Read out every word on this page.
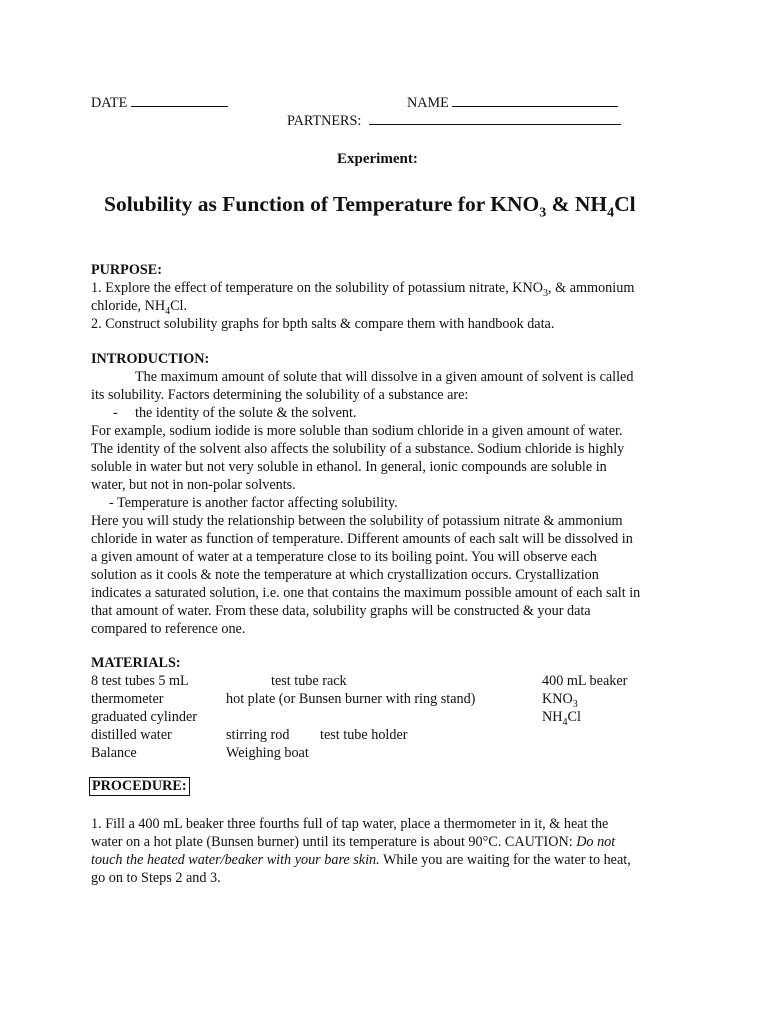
DATE	NAME
PARTNERS:
Experiment:
Solubility as Function of Temperature for $KNO_3$ & $NH_4Cl$
PURPOSE:
1. Explore the effect of temperature on the solubility of potassium nitrate, $KNO_3$, & ammonium
chloride, $NH_4Cl$.
2. Construct solubility graphs for bpth salts & compare them with handbook data.
INTRODUCTION:
The maximum amount of solute that will dissolve in a given amount of solvent is called
its solubility. Factors determining the solubility of a substance are:
- the identity of the solute & the solvent.
For example, sodium iodide is more soluble than sodium chloride in a given amount of water.
The identity of the solvent also affects the solubility of a substance. Sodium chloride is highly
soluble in water but not very soluble in ethanol. In general, ionic compounds are soluble in
water, but not in non-polar solvents.
- Temperature is another factor affecting solubility.
Here you will study the relationship between the solubility of potassium nitrate & ammonium
chloride in water as function of temperature. Different amounts of each salt will be dissolved in
a given amount of water at a temperature close to its boiling point. You will observe each
solution as it cools & note the temperature at which crystallization occurs. Crystallization
indicates a saturated solution, i.e. one that contains the maximum possible amount of each salt in
that amount of water. From these data, solubility graphs will be constructed & your data
compared to reference one.
MATERIALS:
8 test tubes 5 mL
thermometer
graduated cylinder
distilled water
Balance
test tube rack
hot plate (or Bunsen burner with ring stand)
stirring rod test tube holder
Weighing boat
400 mL beaker
$KNO_3$
$NH_4Cl$
PROCEDURE:
1. Fill a 400 mL beaker three fourths full of tap water, place a thermometer in it, & heat the
water on a hot plate (Bunsen burner) until its temperature is about 90°C. CAUTION: Do not
touch the heated water/beaker with your bare skin. While you are waiting for the water to heat,
go on to Steps 2 and 3.
